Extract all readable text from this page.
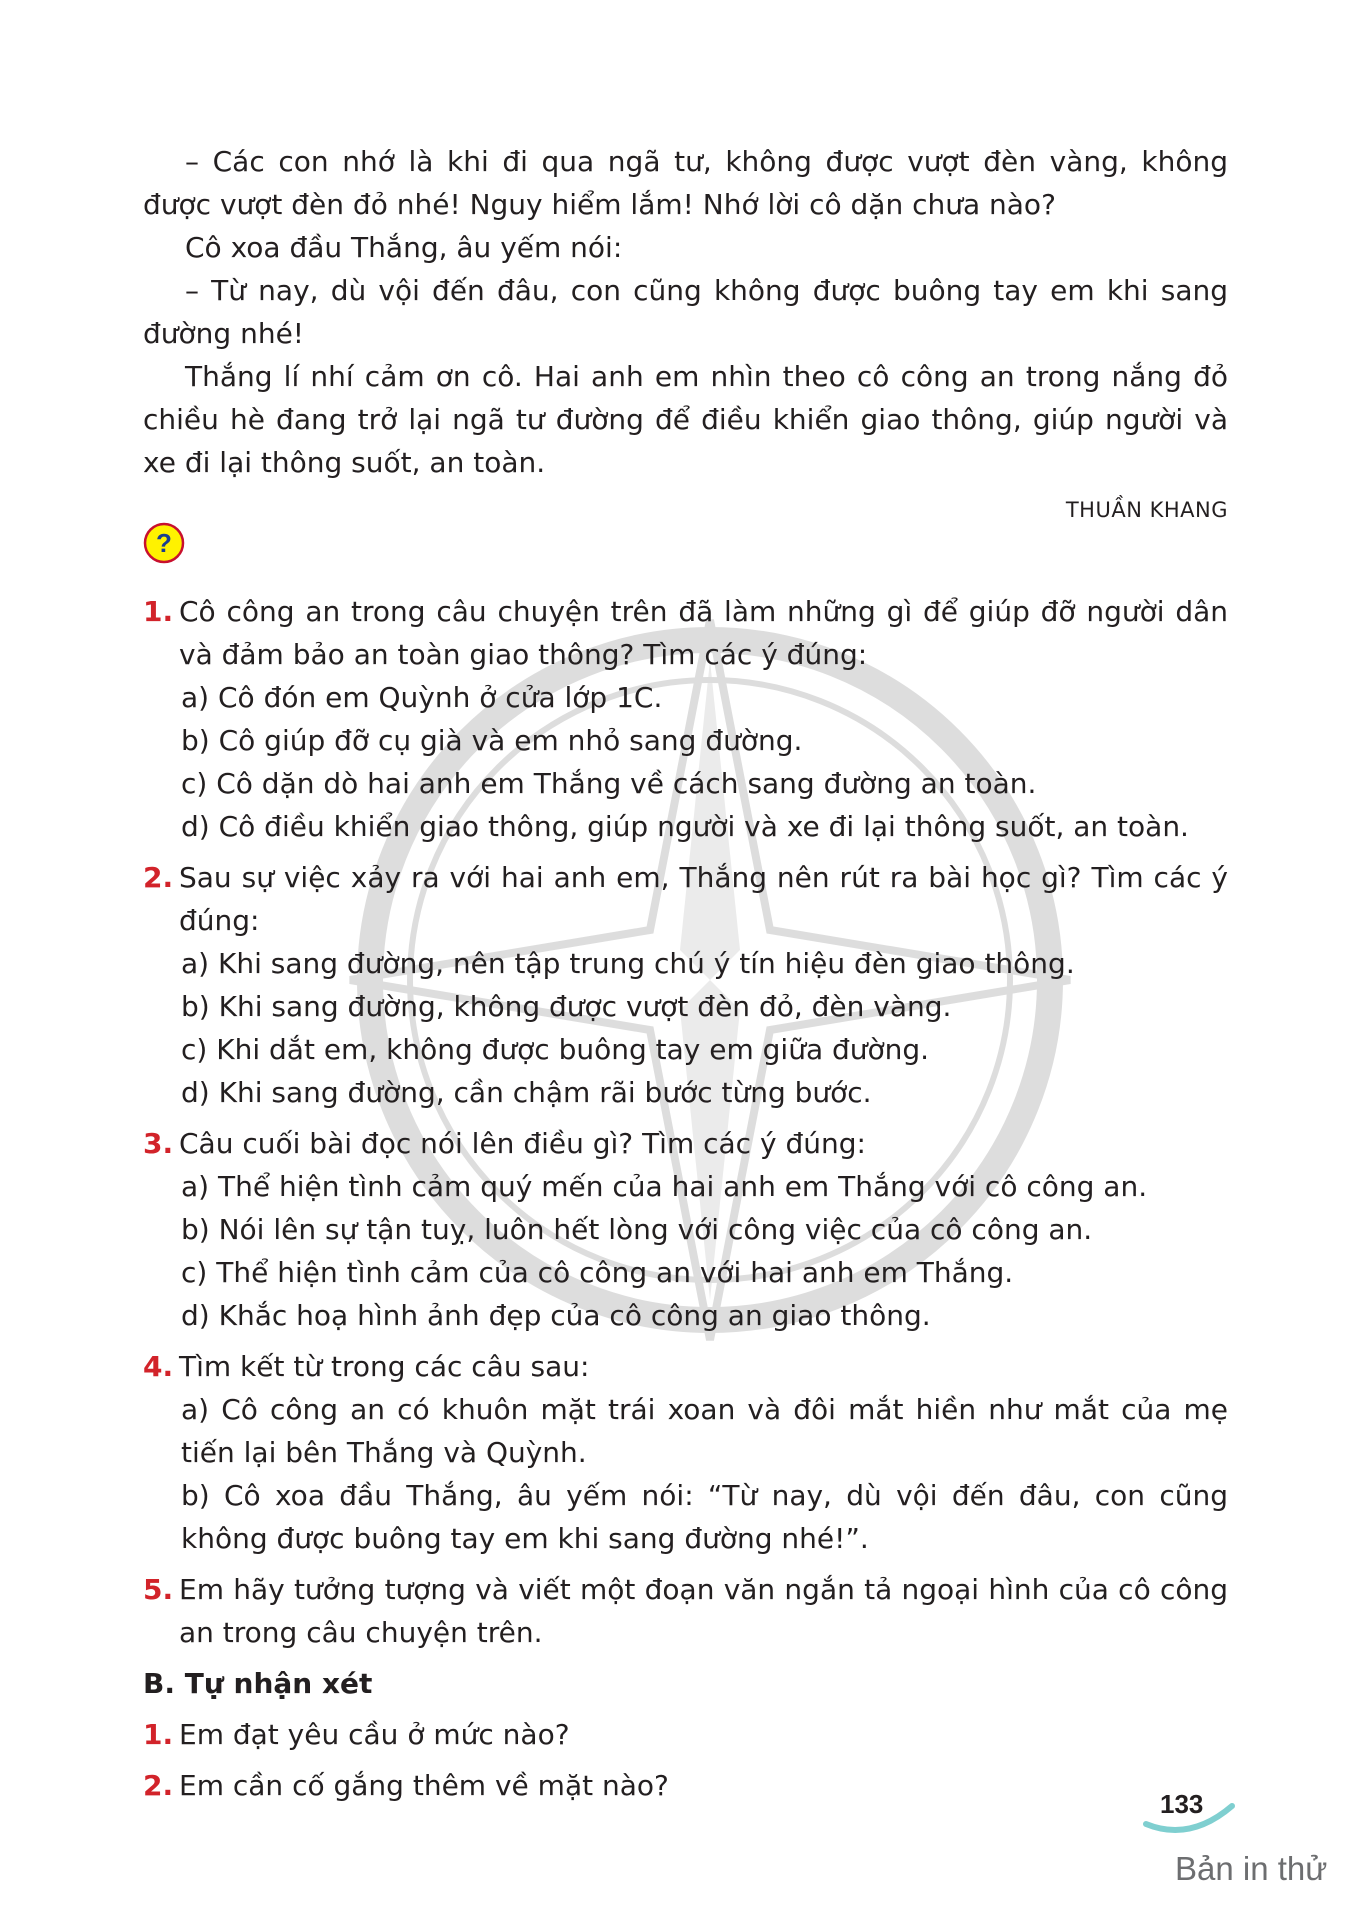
– Các con nhớ là khi đi qua ngã tư, không được vượt đèn vàng, không được vượt đèn đỏ nhé! Nguy hiểm lắm! Nhớ lời cô dặn chưa nào?

Cô xoa đầu Thắng, âu yếm nói:

– Từ nay, dù vội đến đâu, con cũng không được buông tay em khi sang đường nhé!

Thắng lí nhí cảm ơn cô. Hai anh em nhìn theo cô công an trong nắng đỏ chiều hè đang trở lại ngã tư đường để điều khiển giao thông, giúp người và xe đi lại thông suốt, an toàn.

THUẦN KHANG
?
1. Cô công an trong câu chuyện trên đã làm những gì để giúp đỡ người dân và đảm bảo an toàn giao thông? Tìm các ý đúng:
a) Cô đón em Quỳnh ở cửa lớp 1C.
b) Cô giúp đỡ cụ già và em nhỏ sang đường.
c) Cô dặn dò hai anh em Thắng về cách sang đường an toàn.
d) Cô điều khiển giao thông, giúp người và xe đi lại thông suốt, an toàn.
2. Sau sự việc xảy ra với hai anh em, Thắng nên rút ra bài học gì? Tìm các ý đúng:
a) Khi sang đường, nên tập trung chú ý tín hiệu đèn giao thông.
b) Khi sang đường, không được vượt đèn đỏ, đèn vàng.
c) Khi dắt em, không được buông tay em giữa đường.
d) Khi sang đường, cần chậm rãi bước từng bước.
3. Câu cuối bài đọc nói lên điều gì? Tìm các ý đúng:
a) Thể hiện tình cảm quý mến của hai anh em Thắng với cô công an.
b) Nói lên sự tận tuỵ, luôn hết lòng với công việc của cô công an.
c) Thể hiện tình cảm của cô công an với hai anh em Thắng.
d) Khắc hoạ hình ảnh đẹp của cô công an giao thông.
4. Tìm kết từ trong các câu sau:
a) Cô công an có khuôn mặt trái xoan và đôi mắt hiền như mắt của mẹ tiến lại bên Thắng và Quỳnh.
b) Cô xoa đầu Thắng, âu yếm nói: “Từ nay, dù vội đến đâu, con cũng không được buông tay em khi sang đường nhé!”.
5. Em hãy tưởng tượng và viết một đoạn văn ngắn tả ngoại hình của cô công an trong câu chuyện trên.
B. Tự nhận xét
1. Em đạt yêu cầu ở mức nào?
2. Em cần cố gắng thêm về mặt nào?
133
Bản in thử
